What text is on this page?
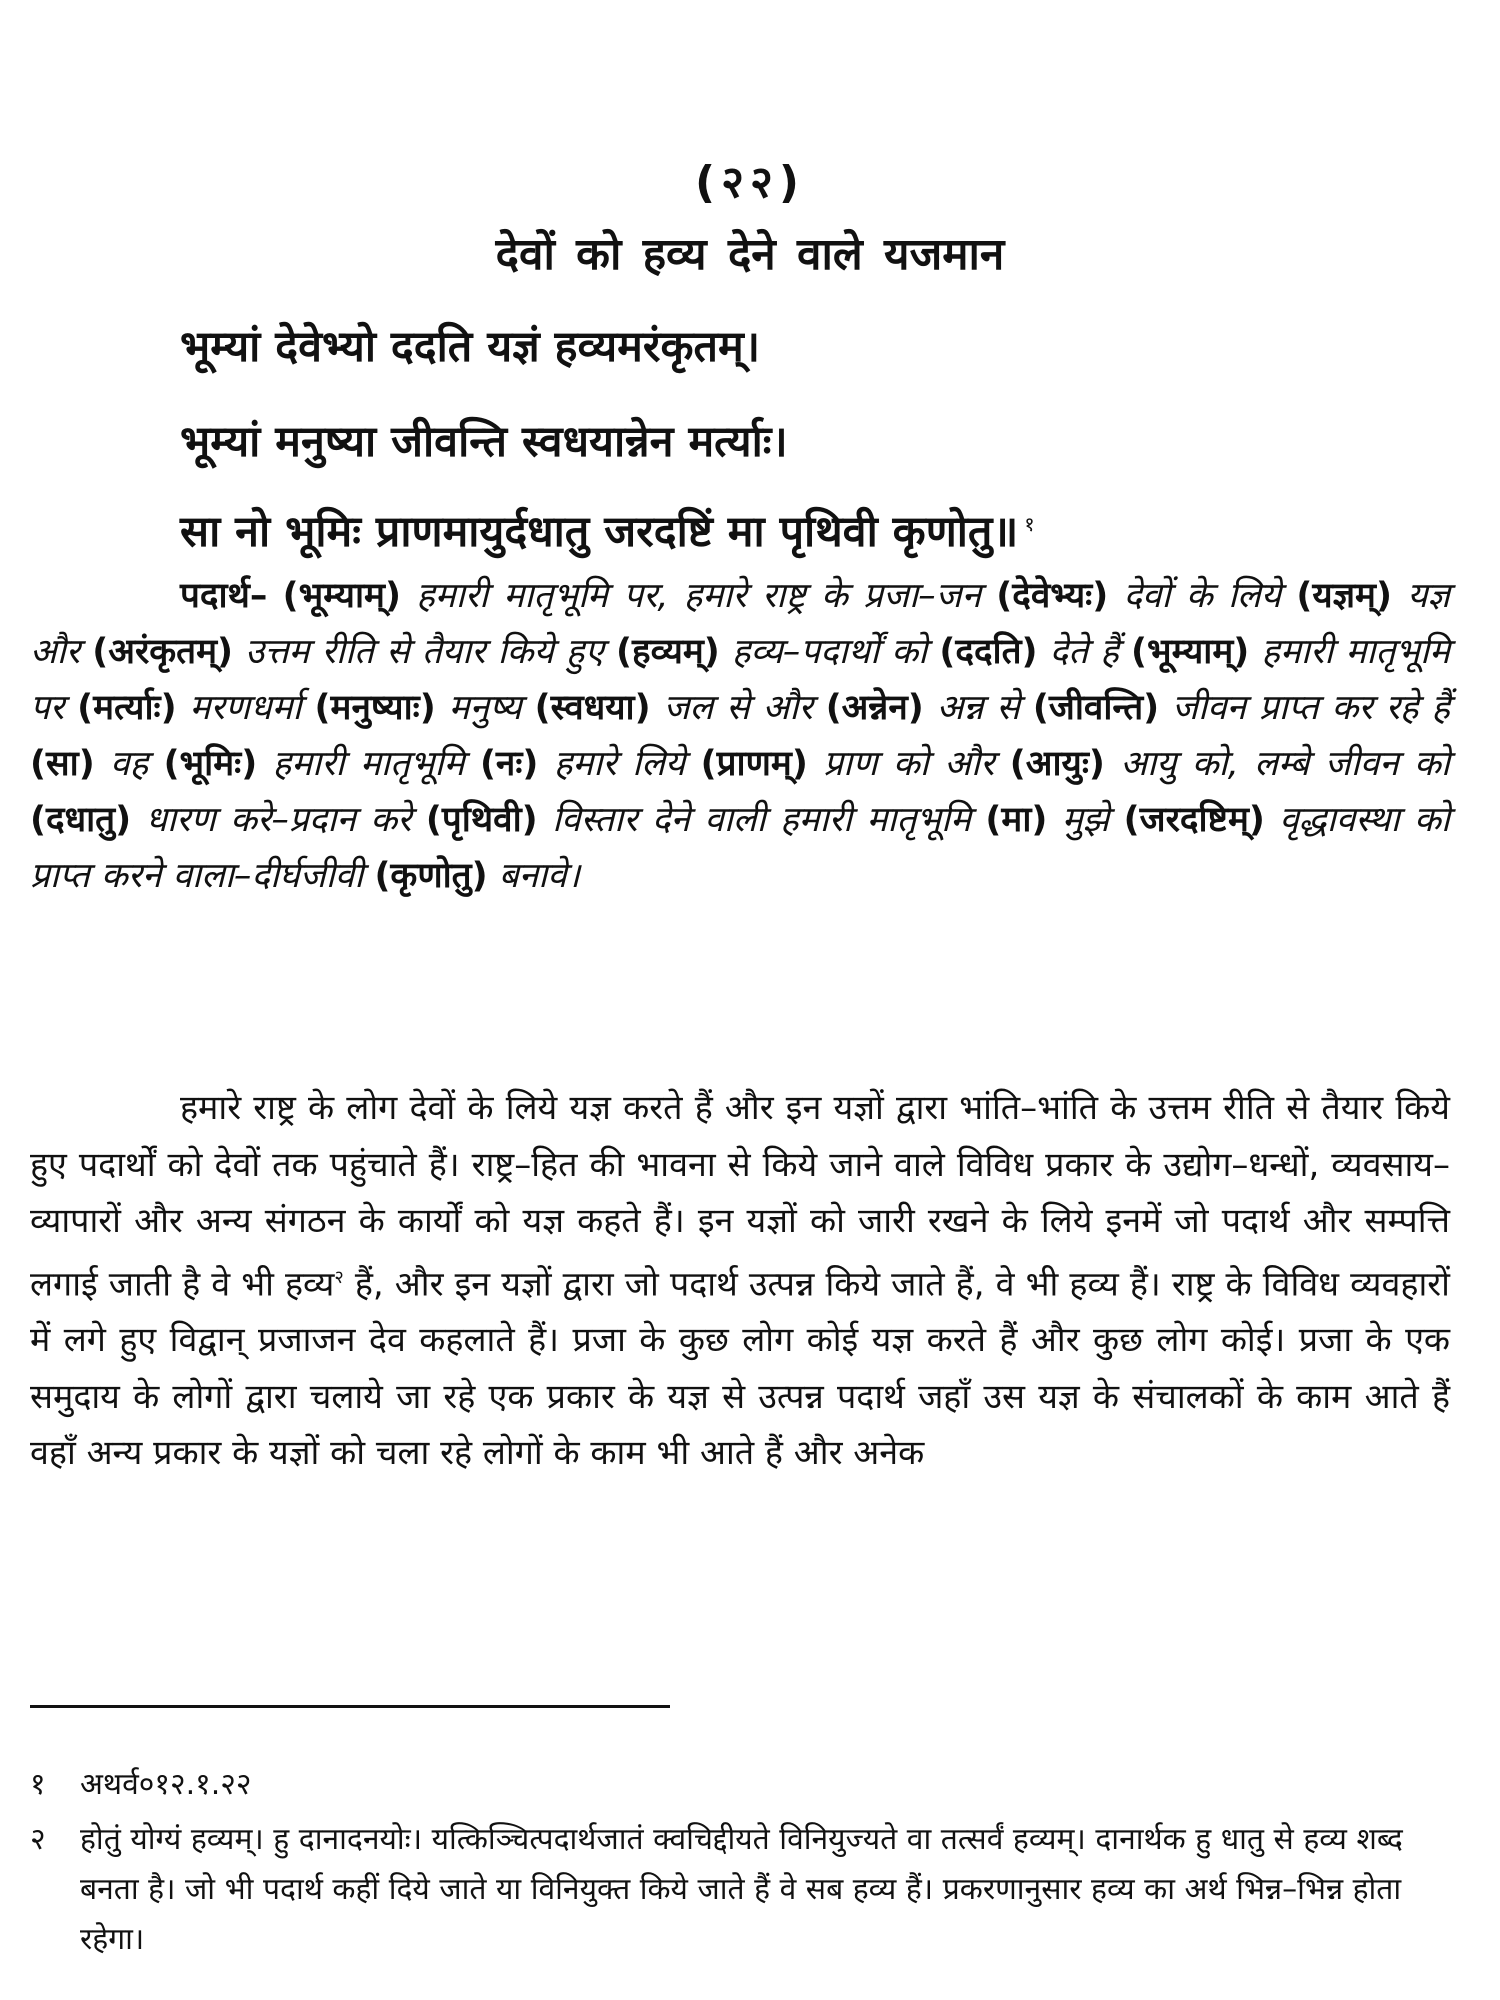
(२२)
देवों को हव्य देने वाले यजमान
भूम्यां देवेभ्यो ददति यज्ञं हव्यमरंकृतम्।
भूम्यां मनुष्या जीवन्ति स्वधयान्नेन मर्त्याः।
सा नो भूमिः प्राणमायुर्दधातु जरदष्टिं मा पृथिवी कृणोतु॥ $^१$
पदार्थ– (भूम्याम्) हमारी मातृभूमि पर, हमारे राष्ट्र के प्रजा–जन (देवेभ्यः) देवों के लिये (यज्ञम्) यज्ञ और (अरंकृतम्) उत्तम रीति से तैयार किये हुए (हव्यम्) हव्य–पदार्थों को (ददति) देते हैं (भूम्याम्) हमारी मातृभूमि पर (मर्त्याः) मरणधर्मा (मनुष्याः) मनुष्य (स्वधया) जल से और (अन्नेन) अन्न से (जीवन्ति) जीवन प्राप्त कर रहे हैं (सा) वह (भूमिः) हमारी मातृभूमि (नः) हमारे लिये (प्राणम्) प्राण को और (आयुः) आयु को, लम्बे जीवन को (दधातु) धारण करे–प्रदान करे (पृथिवी) विस्तार देने वाली हमारी मातृभूमि (मा) मुझे (जरदष्टिम्) वृद्धावस्था को प्राप्त करने वाला–दीर्घजीवी (कृणोतु) बनावे।
हमारे राष्ट्र के लोग देवों के लिये यज्ञ करते हैं और इन यज्ञों द्वारा भांति–भांति के उत्तम रीति से तैयार किये हुए पदार्थों को देवों तक पहुंचाते हैं। राष्ट्र–हित की भावना से किये जाने वाले विविध प्रकार के उद्योग–धन्धों, व्यवसाय–व्यापारों और अन्य संगठन के कार्यों को यज्ञ कहते हैं। इन यज्ञों को जारी रखने के लिये इनमें जो पदार्थ और सम्पत्ति लगाई जाती है वे भी हव्य$^२$ हैं, और इन यज्ञों द्वारा जो पदार्थ उत्पन्न किये जाते हैं, वे भी हव्य हैं। राष्ट्र के विविध व्यवहारों में लगे हुए विद्वान् प्रजाजन देव कहलाते हैं। प्रजा के कुछ लोग कोई यज्ञ करते हैं और कुछ लोग कोई। प्रजा के एक समुदाय के लोगों द्वारा चलाये जा रहे एक प्रकार के यज्ञ से उत्पन्न पदार्थ जहाँ उस यज्ञ के संचालकों के काम आते हैं वहाँ अन्य प्रकार के यज्ञों को चला रहे लोगों के काम भी आते हैं और अनेक
१ अथर्व०१२.१.२२
२ होतुं योग्यं हव्यम्। हु दानादनयोः। यत्किञ्चित्पदार्थजातं क्वचिद्दीयते विनियुज्यते वा तत्सर्वं हव्यम्। दानार्थक हु धातु से हव्य शब्द बनता है। जो भी पदार्थ कहीं दिये जाते या विनियुक्त किये जाते हैं वे सब हव्य हैं। प्रकरणानुसार हव्य का अर्थ भिन्न–भिन्न होता रहेगा।
